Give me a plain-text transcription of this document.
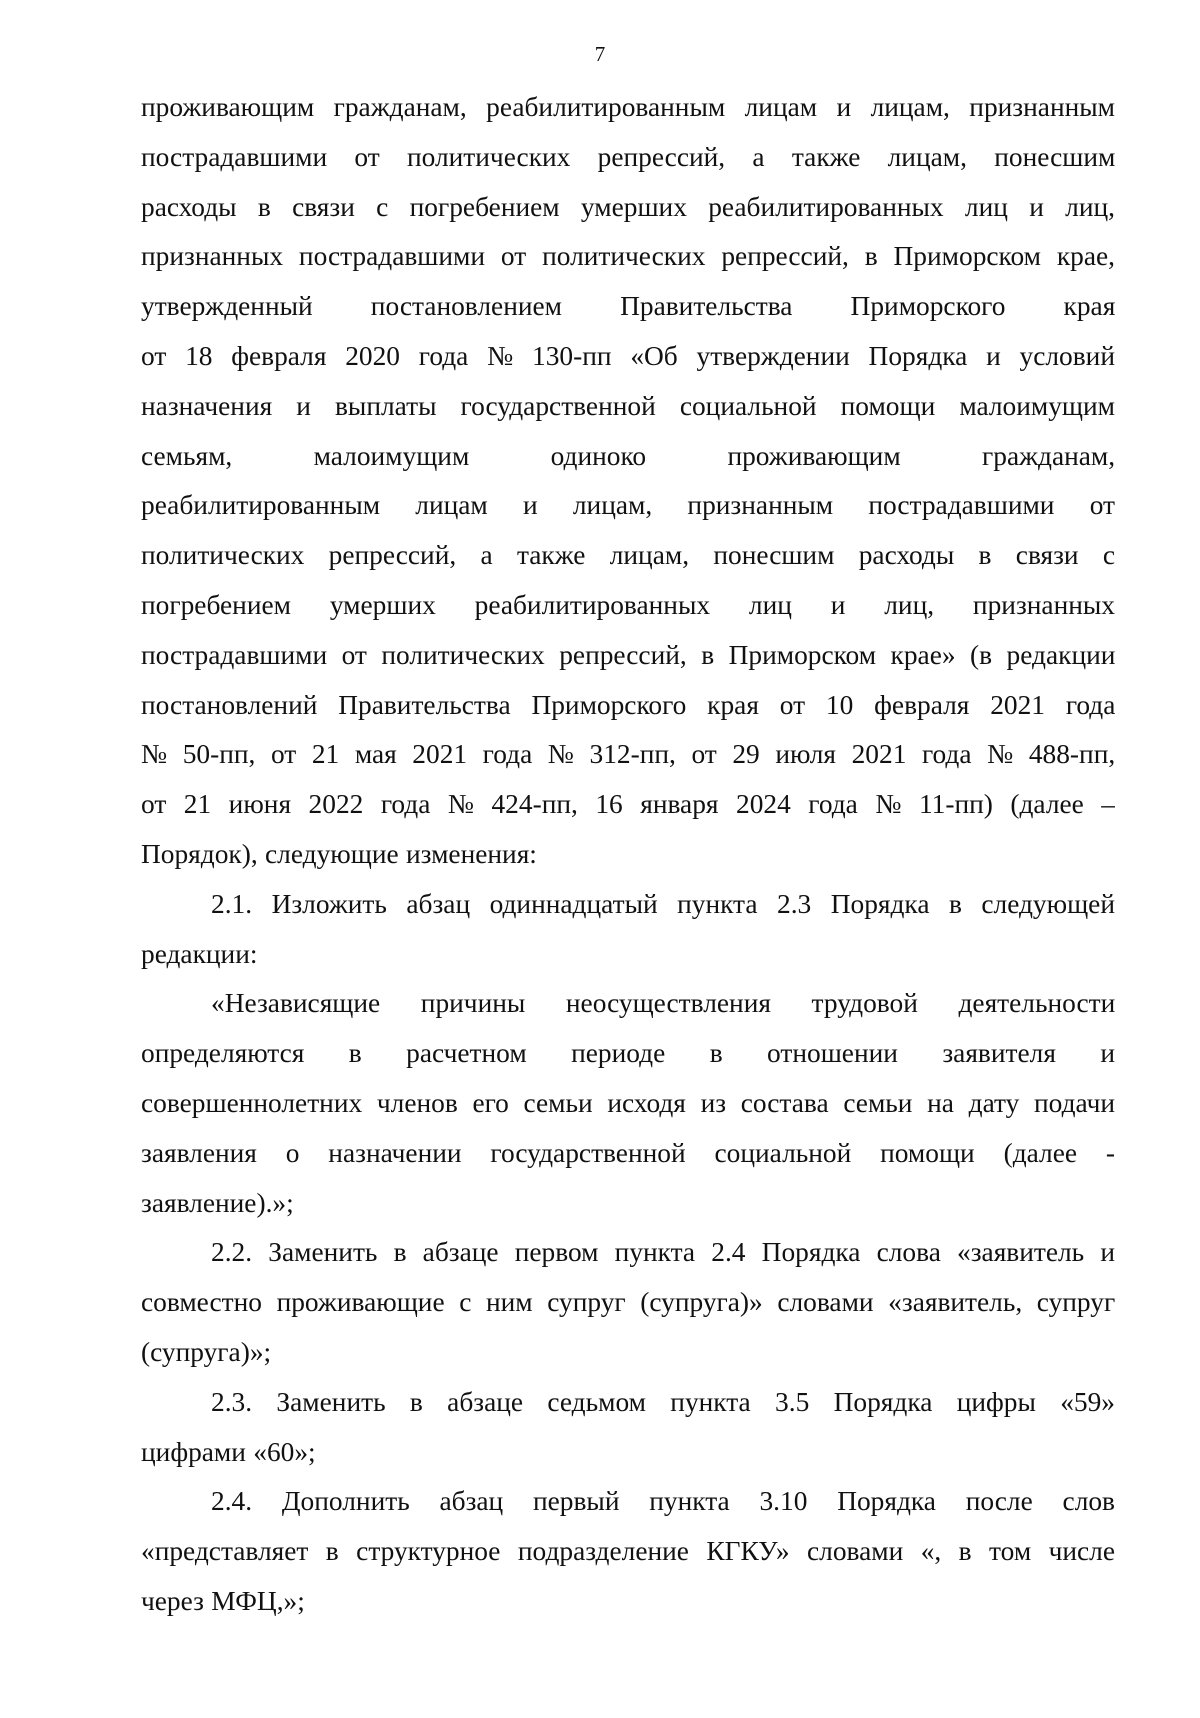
7
проживающим гражданам, реабилитированным лицам и лицам, признанным
пострадавшими от политических репрессий, а также лицам, понесшим
расходы в связи с погребением умерших реабилитированных лиц и лиц,
признанных пострадавшими от политических репрессий, в Приморском крае,
утвержденный постановлением Правительства Приморского края
от 18 февраля 2020 года № 130-пп «Об утверждении Порядка и условий
назначения и выплаты государственной социальной помощи малоимущим
семьям, малоимущим одиноко проживающим гражданам,
реабилитированным лицам и лицам, признанным пострадавшими от
политических репрессий, а также лицам, понесшим расходы в связи с
погребением умерших реабилитированных лиц и лиц, признанных
пострадавшими от политических репрессий, в Приморском крае» (в редакции
постановлений Правительства Приморского края от 10 февраля 2021 года
№ 50-пп, от 21 мая 2021 года № 312-пп, от 29 июля 2021 года № 488-пп,
от 21 июня 2022 года № 424-пп, 16 января 2024 года № 11-пп) (далее –
Порядок), следующие изменения:
2.1. Изложить абзац одиннадцатый пункта 2.3 Порядка в следующей
редакции:
«Независящие причины неосуществления трудовой деятельности
определяются в расчетном периоде в отношении заявителя и
совершеннолетних членов его семьи исходя из состава семьи на дату подачи
заявления о назначении государственной социальной помощи (далее -
заявление).»;
2.2. Заменить в абзаце первом пункта 2.4 Порядка слова «заявитель и
совместно проживающие с ним супруг (супруга)» словами «заявитель, супруг
(супруга)»;
2.3. Заменить в абзаце седьмом пункта 3.5 Порядка цифры «59»
цифрами «60»;
2.4. Дополнить абзац первый пункта 3.10 Порядка после слов
«представляет в структурное подразделение КГКУ» словами «, в том числе
через МФЦ,»;
